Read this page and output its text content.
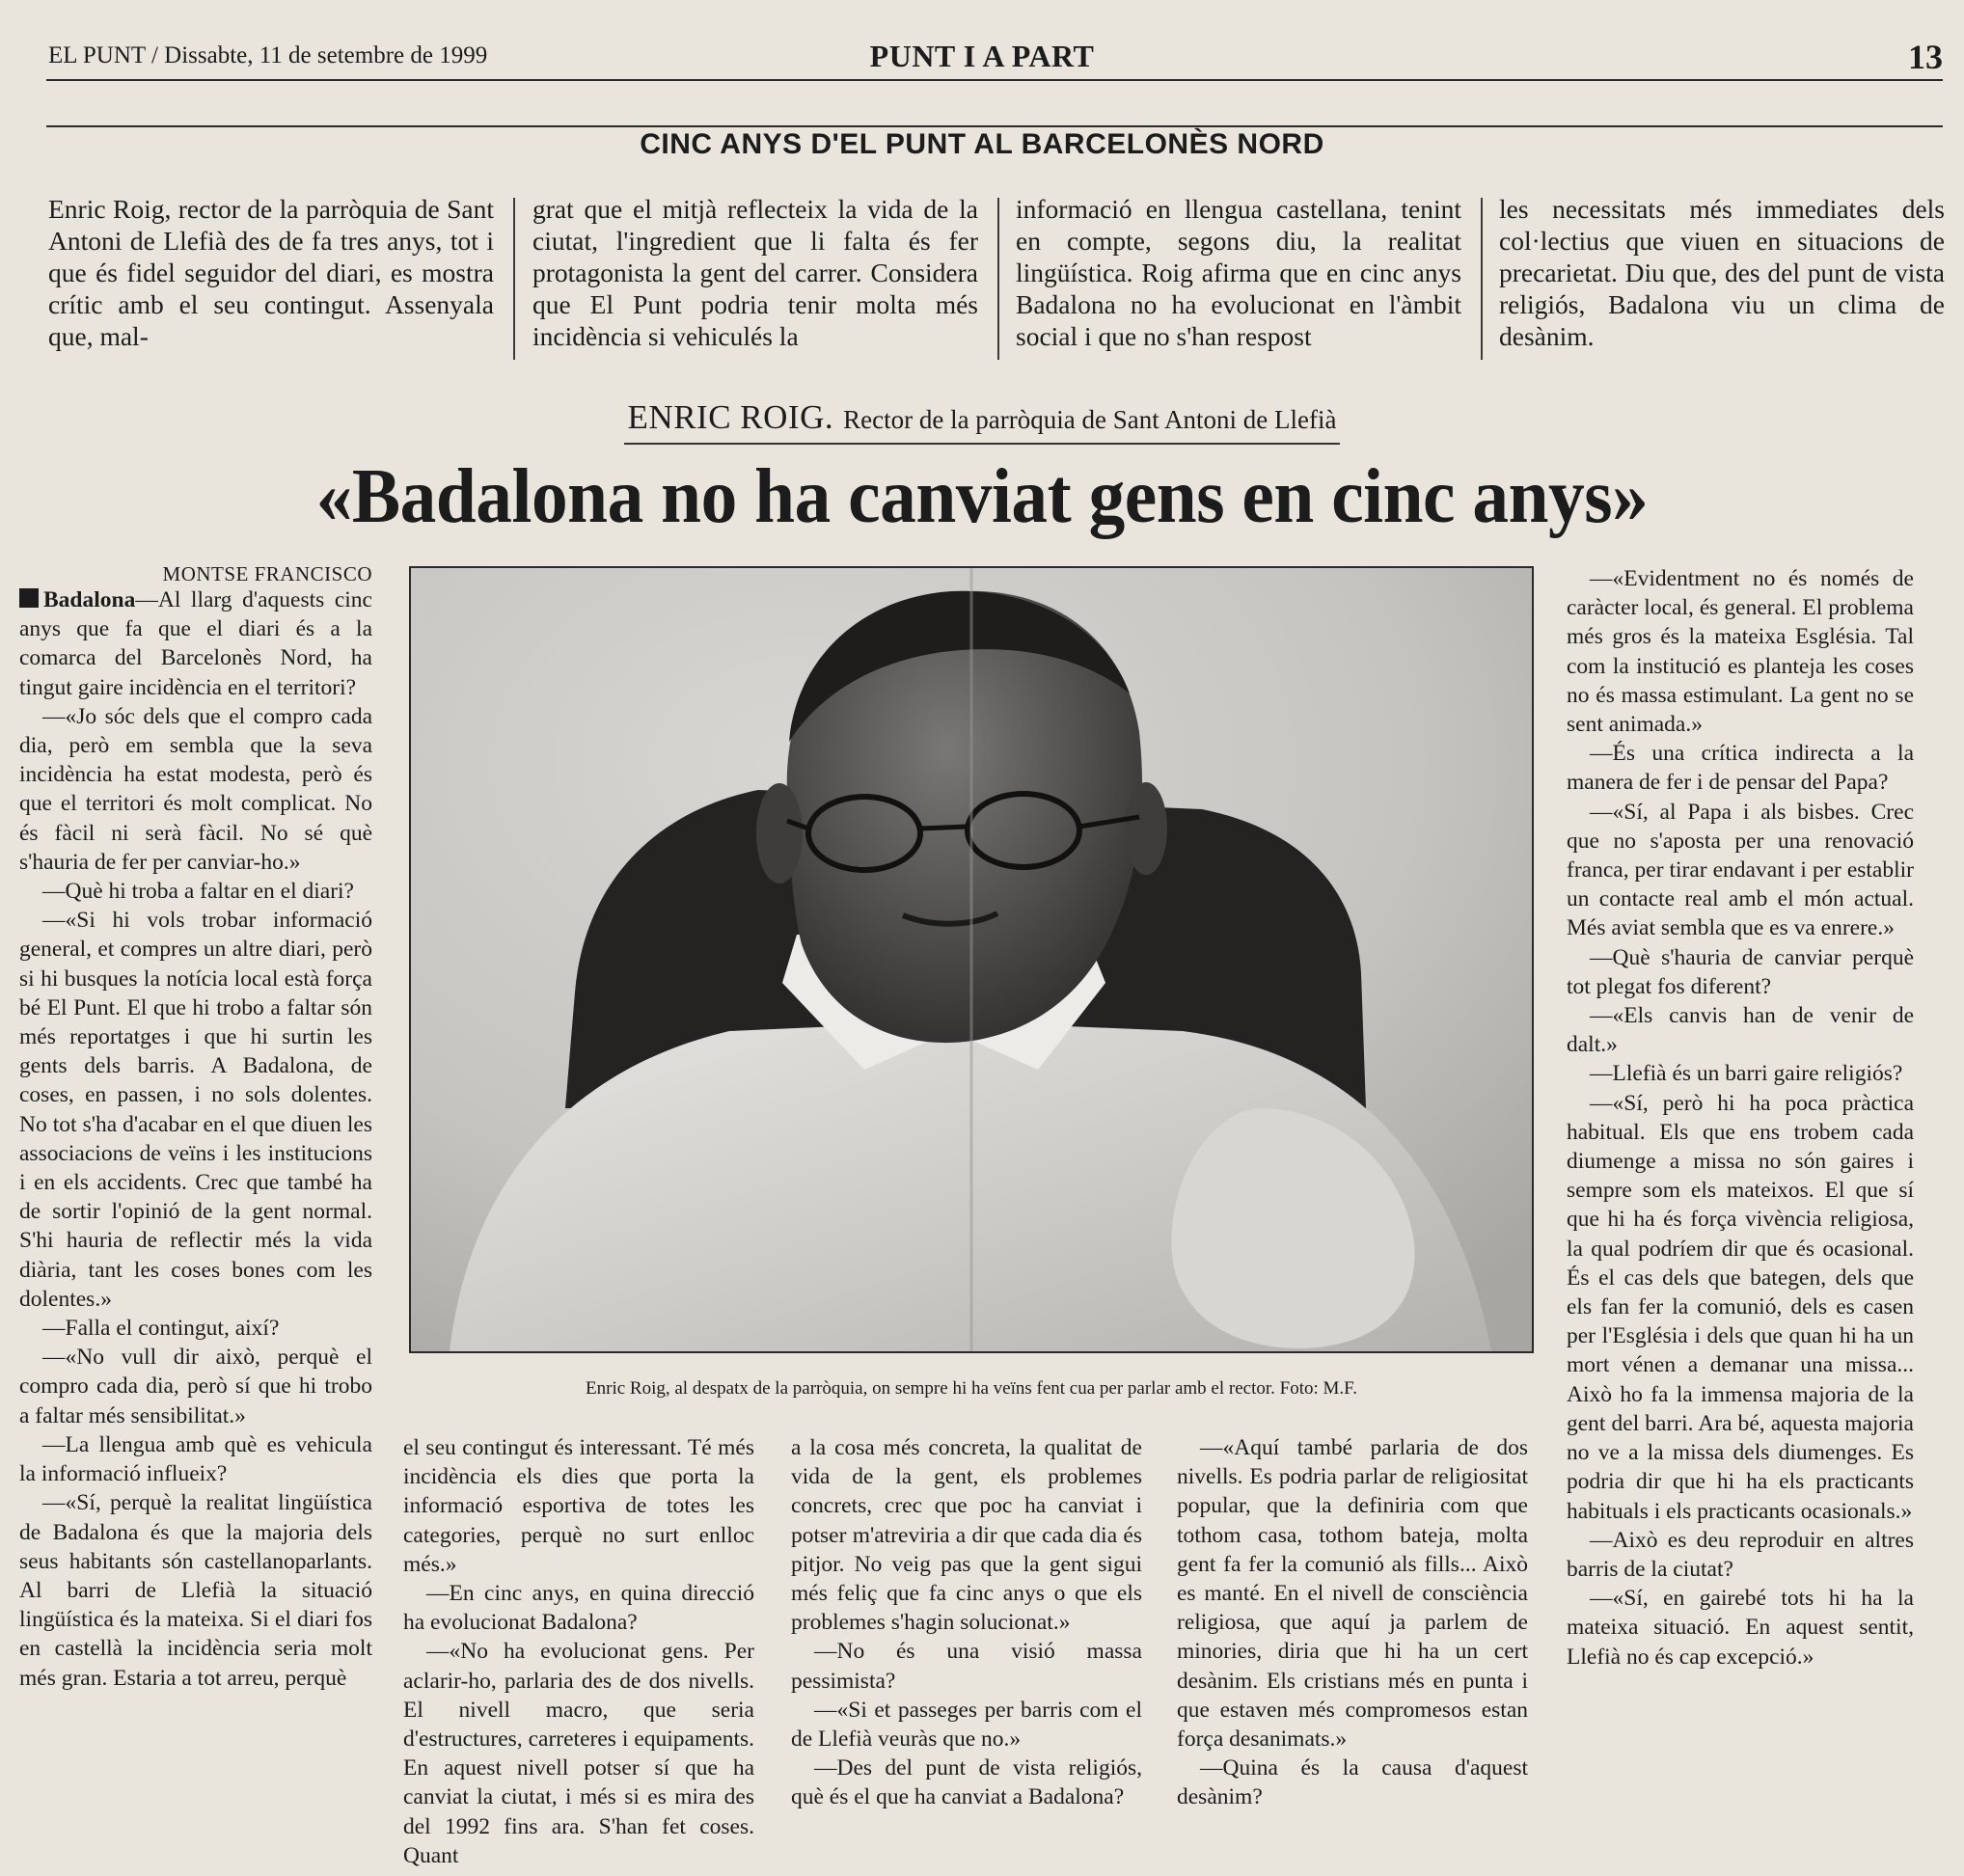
EL PUNT / Dissabte, 11 de setembre de 1999	PUNT I A PART	13
CINC ANYS D'EL PUNT AL BARCELONÈS NORD
Enric Roig, rector de la parròquia de Sant Antoni de Llefià des de fa tres anys, tot i que és fidel seguidor del diari, es mostra crític amb el seu contingut. Assenyala que, mal-
grat que el mitjà reflecteix la vida de la ciutat, l'ingredient que li falta és fer protagonista la gent del carrer. Considera que El Punt podria tenir molta més incidència si vehiculés la
informació en llengua castellana, tenint en compte, segons diu, la realitat lingüística. Roig afirma que en cinc anys Badalona no ha evolucionat en l'àmbit social i que no s'han respost
les necessitats més immediates dels col·lectius que viuen en situacions de precarietat. Diu que, des del punt de vista religiós, Badalona viu un clima de desànim.
ENRIC ROIG. Rector de la parròquia de Sant Antoni de Llefià
«Badalona no ha canviat gens en cinc anys»
MONTSE FRANCISCO

Badalona—Al llarg d'aquests cinc anys que fa que el diari és a la comarca del Barcelonès Nord, ha tingut gaire incidència en el territori?

—«Jo sóc dels que el compro cada dia, però em sembla que la seva incidència ha estat modesta, però és que el territori és molt complicat. No és fàcil ni serà fàcil. No sé què s'hauria de fer per canviar-ho.»

—Què hi troba a faltar en el diari?

—«Si hi vols trobar informació general, et compres un altre diari, però si hi busques la notícia local està força bé El Punt. El que hi trobo a faltar són més reportatges i que hi surtin les gents dels barris. A Badalona, de coses, en passen, i no sols dolentes. No tot s'ha d'acabar en el que diuen les associacions de veïns i les institucions i en els accidents. Crec que també ha de sortir l'opinió de la gent normal. S'hi hauria de reflectir més la vida diària, tant les coses bones com les dolentes.»

—Falla el contingut, així?

—«No vull dir això, perquè el compro cada dia, però sí que hi trobo a faltar més sensibilitat.»

—La llengua amb què es vehicula la informació influeix?

—«Sí, perquè la realitat lingüística de Badalona és que la majoria dels seus habitants són castellanoparlants. Al barri de Llefià la situació lingüística és la mateixa. Si el diari fos en castellà la incidència seria molt més gran. Estaria a tot arreu, perquè

Enric Roig, al despatx de la parròquia, on sempre hi ha veïns fent cua per parlar amb el rector. Foto: M.F.

el seu contingut és interessant. Té més incidència els dies que porta la informació esportiva de totes les categories, perquè no surt enlloc més.»

—En cinc anys, en quina direcció ha evolucionat Badalona?

—«No ha evolucionat gens. Per aclarir-ho, parlaria des de dos nivells. El nivell macro, que seria d'estructures, carreteres i equipaments. En aquest nivell potser sí que ha canviat la ciutat, i més si es mira des del 1992 fins ara. S'han fet coses. Quant

a la cosa més concreta, la qualitat de vida de la gent, els problemes concrets, crec que poc ha canviat i potser m'atreviria a dir que cada dia és pitjor. No veig pas que la gent sigui més feliç que fa cinc anys o que els problemes s'hagin solucionat.»

—No és una visió massa pessimista?

—«Si et passeges per barris com el de Llefià veuràs que no.»

—Des del punt de vista religiós, què és el que ha canviat a Badalona?

—«Aquí també parlaria de dos nivells. Es podria parlar de religiositat popular, que la definiria com que tothom casa, tothom bateja, molta gent fa fer la comunió als fills... Això es manté. En el nivell de consciència religiosa, que aquí ja parlem de minories, diria que hi ha un cert desànim. Els cristians més en punta i que estaven més compromesos estan força desanimats.»

—Quina és la causa d'aquest desànim?

—«Evidentment no és només de caràcter local, és general. El problema més gros és la mateixa Església. Tal com la institució es planteja les coses no és massa estimulant. La gent no se sent animada.»

—És una crítica indirecta a la manera de fer i de pensar del Papa?

—«Sí, al Papa i als bisbes. Crec que no s'aposta per una renovació franca, per tirar endavant i per establir un contacte real amb el món actual. Més aviat sembla que es va enrere.»

—Què s'hauria de canviar perquè tot plegat fos diferent?

—«Els canvis han de venir de dalt.»

—Llefià és un barri gaire religiós?

—«Sí, però hi ha poca pràctica habitual. Els que ens trobem cada diumenge a missa no són gaires i sempre som els mateixos. El que sí que hi ha és força vivència religiosa, la qual podríem dir que és ocasional. És el cas dels que bategen, dels que els fan fer la comunió, dels es casen per l'Església i dels que quan hi ha un mort vénen a demanar una missa... Això ho fa la immensa majoria de la gent del barri. Ara bé, aquesta majoria no ve a la missa dels diumenges. Es podria dir que hi ha els practicants habituals i els practicants ocasionals.»

—Això es deu reproduir en altres barris de la ciutat?

—«Sí, en gairebé tots hi ha la mateixa situació. En aquest sentit, Llefià no és cap excepció.»
